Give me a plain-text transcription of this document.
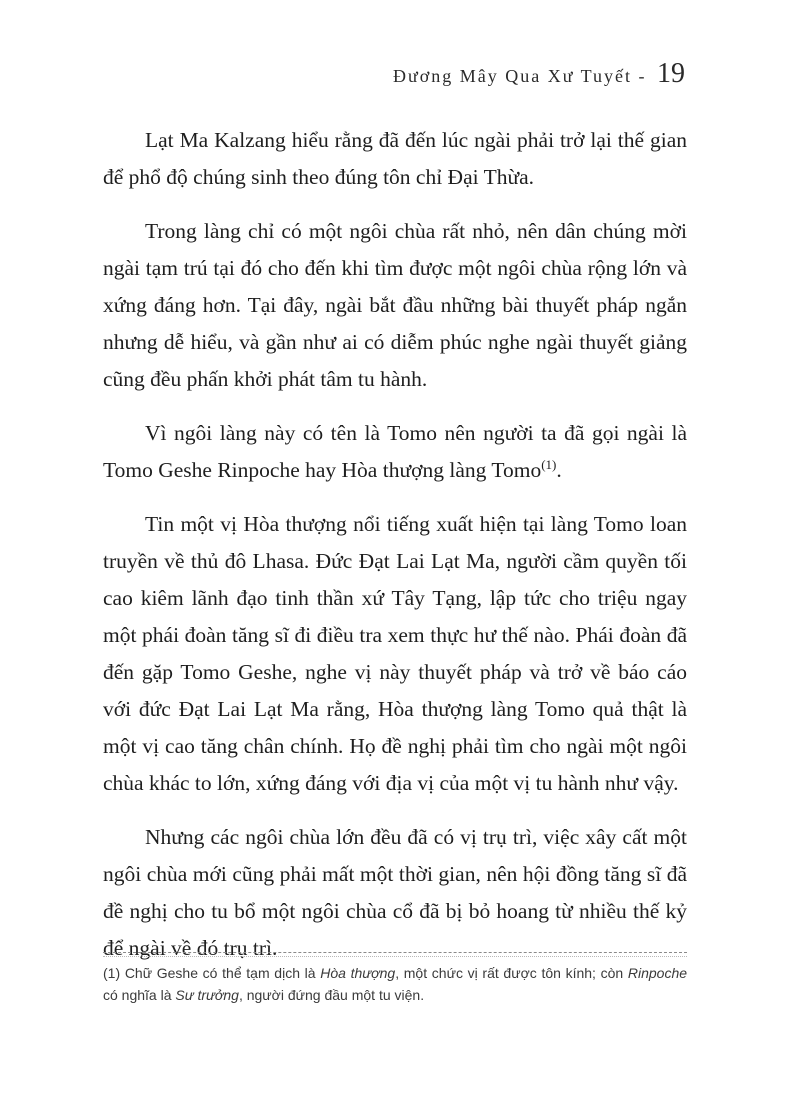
Đương Mây Qua Xư Tuyết - 19

Lạt Ma Kalzang hiểu rằng đã đến lúc ngài phải trở lại thế gian để phổ độ chúng sinh theo đúng tôn chỉ Đại Thừa.

Trong làng chỉ có một ngôi chùa rất nhỏ, nên dân chúng mời ngài tạm trú tại đó cho đến khi tìm được một ngôi chùa rộng lớn và xứng đáng hơn. Tại đây, ngài bắt đầu những bài thuyết pháp ngắn nhưng dễ hiểu, và gần như ai có diễm phúc nghe ngài thuyết giảng cũng đều phấn khởi phát tâm tu hành.

Vì ngôi làng này có tên là Tomo nên người ta đã gọi ngài là Tomo Geshe Rinpoche hay Hòa thượng làng Tomo$^{(1)}$.

Tin một vị Hòa thượng nổi tiếng xuất hiện tại làng Tomo loan truyền về thủ đô Lhasa. Đức Đạt Lai Lạt Ma, người cầm quyền tối cao kiêm lãnh đạo tinh thần xứ Tây Tạng, lập tức cho triệu ngay một phái đoàn tăng sĩ đi điều tra xem thực hư thế nào. Phái đoàn đã đến gặp Tomo Geshe, nghe vị này thuyết pháp và trở về báo cáo với đức Đạt Lai Lạt Ma rằng, Hòa thượng làng Tomo quả thật là một vị cao tăng chân chính. Họ đề nghị phải tìm cho ngài một ngôi chùa khác to lớn, xứng đáng với địa vị của một vị tu hành như vậy.

Nhưng các ngôi chùa lớn đều đã có vị trụ trì, việc xây cất một ngôi chùa mới cũng phải mất một thời gian, nên hội đồng tăng sĩ đã đề nghị cho tu bổ một ngôi chùa cổ đã bị bỏ hoang từ nhiều thế kỷ để ngài về đó trụ trì.

(1) Chữ Geshe có thể tạm dịch là Hòa thượng, một chức vị rất được tôn kính; còn Rinpoche có nghĩa là Sư trưởng, người đứng đầu một tu viện.
